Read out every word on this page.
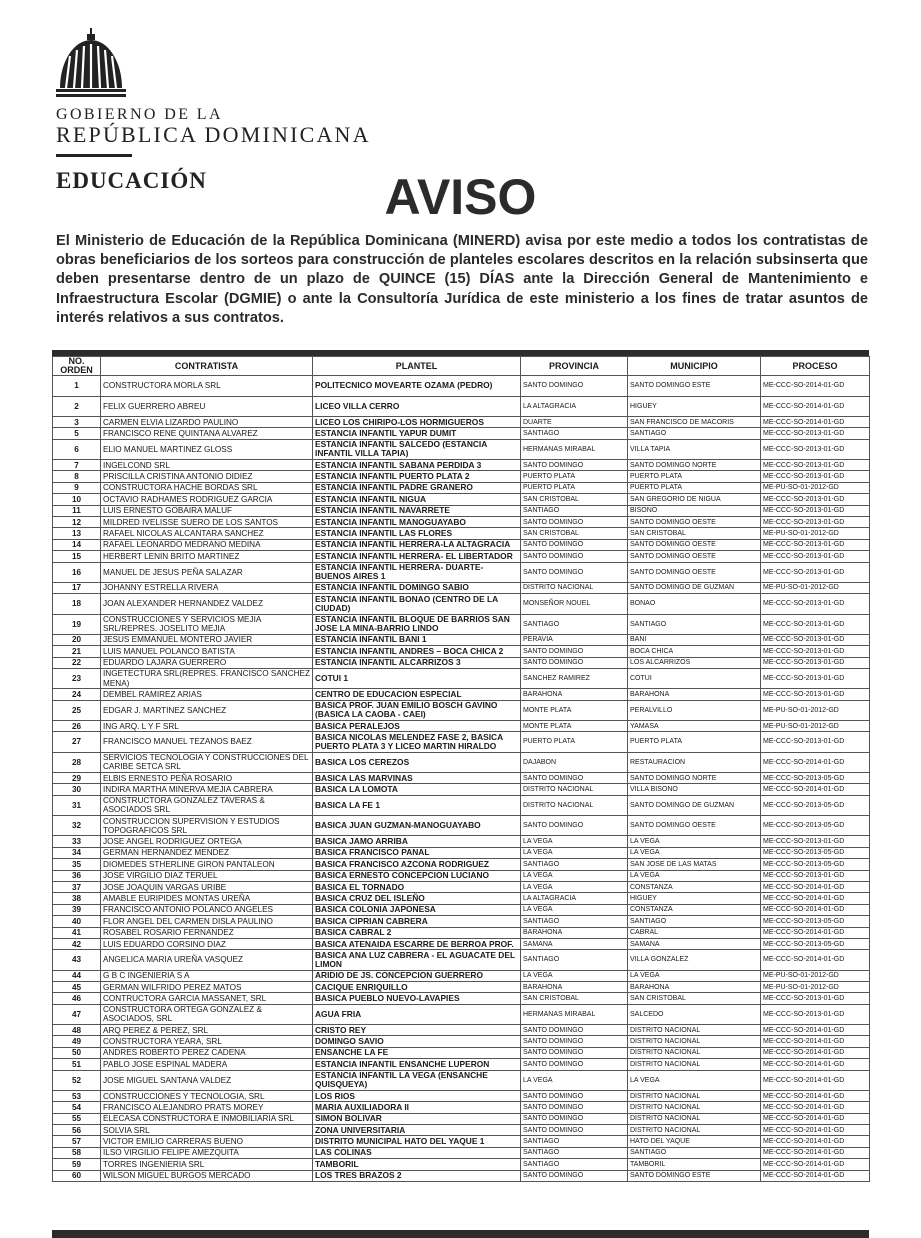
GOBIERNO DE LA
REPÚBLICA DOMINICANA
EDUCACIÓN	AVISO
El Ministerio de Educación de la República Dominicana (MINERD) avisa por este medio a todos los contratistas de obras beneficiarios de los sorteos para construcción de planteles escolares descritos en la relación subsinserta que deben presentarse dentro de un plazo de QUINCE (15) DÍAS ante la Dirección General de Mantenimiento e Infraestructura Escolar (DGMIE) o ante la Consultoría Jurídica de este ministerio a los fines de tratar asuntos de interés relativos a sus contratos.
NO. ORDEN	CONTRATISTA	PLANTEL	PROVINCIA	MUNICIPIO	PROCESO
1	CONSTRUCTORA MORLA SRL	POLITECNICO MOVEARTE OZAMA (PEDRO)	SANTO DOMINGO	SANTO DOMINGO ESTE	ME-CCC-SO-2014-01-GD
2	FELIX GUERRERO ABREU	LICEO VILLA CERRO	LA ALTAGRACIA	HIGUEY	ME-CCC-SO-2014-01-GD
3	CARMEN ELVIA LIZARDO PAULINO	LICEO LOS CHIRIPO-LOS HORMIGUEROS	DUARTE	SAN FRANCISCO DE MACORIS	ME-CCC-SO-2014-01-GD
5	FRANCISCO RENE QUINTANA ALVAREZ	ESTANCIA INFANTIL YAPUR DUMIT	SANTIAGO	SANTIAGO	ME-CCC-SO-2013-01-GD
6	ELIO MANUEL MARTINEZ GLOSS	ESTANCIA INFANTIL SALCEDO (ESTANCIA INFANTIL VILLA TAPIA)	HERMANAS MIRABAL	VILLA TAPIA	ME-CCC-SO-2013-01-GD
7	INGELCOND SRL	ESTANCIA INFANTIL SABANA PERDIDA 3	SANTO DOMINGO	SANTO DOMINGO NORTE	ME-CCC-SO-2013-01-GD
8	PRISCILLA CRISTINA ANTONIO DIDIEZ	ESTANCIA INFANTIL PUERTO PLATA 2	PUERTO PLATA	PUERTO PLATA	ME-CCC-SO-2013-01-GD
9	CONSTRUCTORA HACHE BORDAS SRL	ESTANCIA INFANTIL PADRE GRANERO	PUERTO PLATA	PUERTO PLATA	ME-PU-SO-01-2012-GD
10	OCTAVIO RADHAMES RODRIGUEZ GARCIA	ESTANCIA INFANTIL NIGUA	SAN CRISTOBAL	SAN GREGORIO DE NIGUA	ME-CCC-SO-2013-01-GD
11	LUIS ERNESTO GOBAIRA MALUF	ESTANCIA INFANTIL NAVARRETE	SANTIAGO	BISONO	ME-CCC-SO-2013-01-GD
12	MILDRED IVELISSE SUERO DE LOS SANTOS	ESTANCIA INFANTIL MANOGUAYABO	SANTO DOMINGO	SANTO DOMINGO OESTE	ME-CCC-SO-2013-01-GD
13	RAFAEL NICOLAS ALCANTARA SANCHEZ	ESTANCIA INFANTIL LAS FLORES	SAN CRISTOBAL	SAN CRISTOBAL	ME-PU-SO-01-2012-GD
14	RAFAEL LEONARDO MEDRANO MEDINA	ESTANCIA INFANTIL HERRERA-LA ALTAGRACIA	SANTO DOMINGO	SANTO DOMINGO OESTE	ME-CCC-SO-2013-01-GD
15	HERBERT LENIN BRITO MARTINEZ	ESTANCIA INFANTIL HERRERA- EL LIBERTADOR	SANTO DOMINGO	SANTO DOMINGO OESTE	ME-CCC-SO-2013-01-GD
16	MANUEL DE JESUS PEÑA SALAZAR	ESTANCIA INFANTIL HERRERA- DUARTE- BUENOS AIRES 1	SANTO DOMINGO	SANTO DOMINGO OESTE	ME-CCC-SO-2013-01-GD
17	JOHANNY ESTRELLA RIVERA	ESTANCIA INFANTIL DOMINGO SABIO	DISTRITO NACIONAL	SANTO DOMINGO DE GUZMAN	ME-PU-SO-01-2012-GD
18	JOAN ALEXANDER HERNANDEZ VALDEZ	ESTANCIA INFANTIL BONAO (CENTRO DE LA CIUDAD)	MONSEÑOR NOUEL	BONAO	ME-CCC-SO-2013-01-GD
19	CONSTRUCCIONES Y SERVICIOS MEJIA SRL/REPRES. JOSELITO MEJIA	ESTANCIA INFANTIL BLOQUE DE BARRIOS SAN JOSE LA MINA-BARRIO LINDO	SANTIAGO	SANTIAGO	ME-CCC-SO-2013-01-GD
20	JESUS EMMANUEL MONTERO JAVIER	ESTANCIA INFANTIL BANI 1	PERAVIA	BANI	ME-CCC-SO-2013-01-GD
21	LUIS MANUEL POLANCO BATISTA	ESTANCIA INFANTIL ANDRES – BOCA CHICA 2	SANTO DOMINGO	BOCA CHICA	ME-CCC-SO-2013-01-GD
22	EDUARDO LAJARA GUERRERO	ESTANCIA INFANTIL ALCARRIZOS 3	SANTO DOMINGO	LOS ALCARRIZOS	ME-CCC-SO-2013-01-GD
23	INGETECTURA SRL(REPRES. FRANCISCO SANCHEZ MENA)	COTUI 1	SANCHEZ RAMIREZ	COTUI	ME-CCC-SO-2013-01-GD
24	DEMBEL RAMIREZ ARIAS	CENTRO DE EDUCACION ESPECIAL	BARAHONA	BARAHONA	ME-CCC-SO-2013-01-GD
25	EDGAR J. MARTINEZ SANCHEZ	BASICA PROF. JUAN EMILIO BOSCH GAVINO (BASICA LA CAOBA - CAEI)	MONTE PLATA	PERALVILLO	ME-PU-SO-01-2012-GD
26	ING ARQ. L Y F SRL	BASICA PERALEJOS	MONTE PLATA	YAMASA	ME-PU-SO-01-2012-GD
27	FRANCISCO MANUEL TEZANOS BAEZ	BASICA NICOLAS MELENDEZ FASE 2, BASICA PUERTO PLATA 3 Y LICEO MARTIN HIRALDO	PUERTO PLATA	PUERTO PLATA	ME-CCC-SO-2013-01-GD
28	SERVICIOS TECNOLOGIA Y CONSTRUCCIONES DEL CARIBE SETCA SRL	BASICA LOS CEREZOS	DAJABON	RESTAURACION	ME-CCC-SO-2014-01-GD
29	ELBIS ERNESTO PEÑA ROSARIO	BASICA LAS MARVINAS	SANTO DOMINGO	SANTO DOMINGO NORTE	ME-CCC-SO-2013-05-GD
30	INDIRA MARTHA MINERVA MEJIA CABRERA	BASICA LA LOMOTA	DISTRITO NACIONAL	VILLA BISONO	ME-CCC-SO-2014-01-GD
31	CONSTRUCTORA GONZALEZ TAVERAS & ASOCIADOS SRL	BASICA LA FE 1	DISTRITO NACIONAL	SANTO DOMINGO DE GUZMAN	ME-CCC-SO-2013-05-GD
32	CONSTRUCCION SUPERVISION Y ESTUDIOS TOPOGRAFICOS SRL	BASICA JUAN GUZMAN-MANOGUAYABO	SANTO DOMINGO	SANTO DOMINGO OESTE	ME-CCC-SO-2013-05-GD
33	JOSE ANGEL RODRIGUEZ ORTEGA	BASICA JAMO ARRIBA	LA VEGA	LA VEGA	ME-CCC-SO-2013-01-GD
34	GERMAN HERNANDEZ MENDEZ	BASICA FRANCISCO PANAL	LA VEGA	LA VEGA	ME-CCC-SO-2013-05-GD
35	DIOMEDES STHERLINE GIRON PANTALEON	BASICA FRANCISCO AZCONA RODRIGUEZ	SANTIAGO	SAN JOSE DE LAS MATAS	ME-CCC-SO-2013-05-GD
36	JOSE VIRGILIO DIAZ TERUEL	BASICA ERNESTO CONCEPCION LUCIANO	LA VEGA	LA VEGA	ME-CCC-SO-2013-01-GD
37	JOSE JOAQUIN VARGAS URIBE	BASICA EL TORNADO	LA VEGA	CONSTANZA	ME-CCC-SO-2014-01-GD
38	AMABLE EURIPIDES MONTAS UREÑA	BASICA CRUZ DEL ISLEÑO	LA ALTAGRACIA	HIGUEY	ME-CCC-SO-2014-01-GD
39	FRANCISCO ANTONIO POLANCO ANGELES	BASICA COLONIA JAPONESA	LA VEGA	CONSTANZA	ME-CCC-SO-2014-01-GD
40	FLOR ANGEL DEL CARMEN DISLA PAULINO	BASICA CIPRIAN CABRERA	SANTIAGO	SANTIAGO	ME-CCC-SO-2013-05-GD
41	ROSABEL ROSARIO FERNANDEZ	BASICA CABRAL 2	BARAHONA	CABRAL	ME-CCC-SO-2014-01-GD
42	LUIS EDUARDO CORSINO DIAZ	BASICA ATENAIDA ESCARRE DE BERROA PROF.	SAMANA	SAMANA	ME-CCC-SO-2013-05-GD
43	ANGELICA MARIA UREÑA VASQUEZ	BASICA ANA LUZ CABRERA - EL AGUACATE DEL LIMON	SANTIAGO	VILLA GONZALEZ	ME-CCC-SO-2014-01-GD
44	G B C INGENIERIA S A	ARIDIO DE JS. CONCEPCION GUERRERO	LA VEGA	LA VEGA	ME-PU-SO-01-2012-GD
45	GERMAN WILFRIDO PEREZ MATOS	CACIQUE ENRIQUILLO	BARAHONA	BARAHONA	ME-PU-SO-01-2012-GD
46	CONTRUCTORA GARCIA MASSANET, SRL	BASICA PUEBLO NUEVO-LAVAPIES	SAN CRISTOBAL	SAN CRISTOBAL	ME-CCC-SO-2013-01-GD
47	CONSTRUCTORA ORTEGA GONZALEZ & ASOCIADOS, SRL	AGUA FRIA	HERMANAS MIRABAL	SALCEDO	ME-CCC-SO-2013-01-GD
48	ARQ PEREZ & PEREZ, SRL	CRISTO REY	SANTO DOMINGO	DISTRITO NACIONAL	ME-CCC-SO-2014-01-GD
49	CONSTRUCTORA YEARA, SRL	DOMINGO SAVIO	SANTO DOMINGO	DISTRITO NACIONAL	ME-CCC-SO-2014-01-GD
50	ANDRES ROBERTO PEREZ CADENA	ENSANCHE LA FE	SANTO DOMINGO	DISTRITO NACIONAL	ME-CCC-SO-2014-01-GD
51	PABLO JOSE ESPINAL MADERA	ESTANCIA INFANTIL ENSANCHE LUPERON	SANTO DOMINGO	DISTRITO NACIONAL	ME-CCC-SO-2014-01-GD
52	JOSE MIGUEL SANTANA VALDEZ	ESTANCIA INFANTIL LA VEGA (ENSANCHE QUISQUEYA)	LA VEGA	LA VEGA	ME-CCC-SO-2014-01-GD
53	CONSTRUCCIONES Y TECNOLOGIA, SRL	LOS RIOS	SANTO DOMINGO	DISTRITO NACIONAL	ME-CCC-SO-2014-01-GD
54	FRANCISCO ALEJANDRO PRATS MOREY	MARIA AUXILIADORA II	SANTO DOMINGO	DISTRITO NACIONAL	ME-CCC-SO-2014-01-GD
55	ELECASA CONSTRUCTORA E INMOBILIARIA SRL	SIMON BOLIVAR	SANTO DOMINGO	DISTRITO NACIONAL	ME-CCC-SO-2014-01-GD
56	SOLVIA SRL	ZONA UNIVERSITARIA	SANTO DOMINGO	DISTRITO NACIONAL	ME-CCC-SO-2014-01-GD
57	VICTOR EMILIO CARRERAS BUENO	DISTRITO MUNICIPAL HATO DEL YAQUE 1	SANTIAGO	HATO DEL YAQUE	ME-CCC-SO-2014-01-GD
58	ILSO VIRGILIO FELIPE AMEZQUITA	LAS COLINAS	SANTIAGO	SANTIAGO	ME-CCC-SO-2014-01-GD
59	TORRES INGENIERIA SRL	TAMBORIL	SANTIAGO	TAMBORIL	ME-CCC-SO-2014-01-GD
60	WILSON MIGUEL BURGOS MERCADO	LOS TRES BRAZOS 2	SANTO DOMINGO	SANTO DOMINGO ESTE	ME-CCC-SO-2014-01-GD
